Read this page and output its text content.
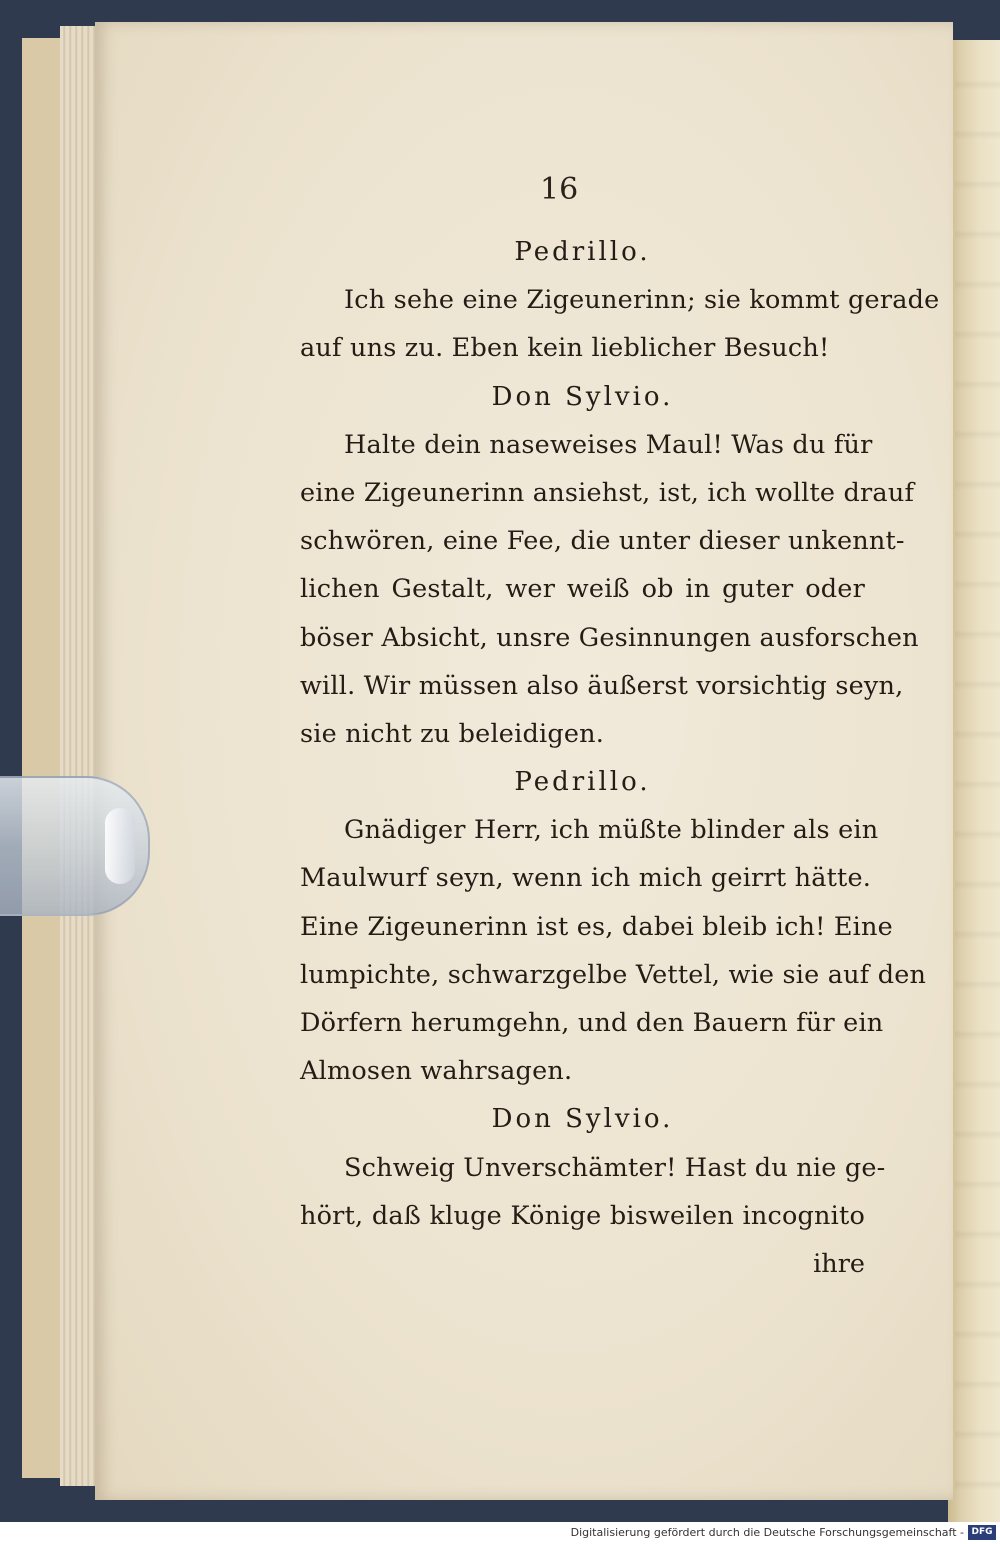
16
Pedrillo.
Ich sehe eine Zigeunerinn; sie kommt gerade
auf uns zu. Eben kein lieblicher Besuch!
Don Sylvio.
Halte dein naseweises Maul! Was du für
eine Zigeunerinn ansiehst, ist, ich wollte drauf
schwören, eine Fee, die unter dieser unkennt-
lichen Gestalt, wer weiß ob in guter oder
böser Absicht, unsre Gesinnungen ausforschen
will. Wir müssen also äußerst vorsichtig seyn,
sie nicht zu beleidigen.
Pedrillo.
Gnädiger Herr, ich müßte blinder als ein
Maulwurf seyn, wenn ich mich geirrt hätte.
Eine Zigeunerinn ist es, dabei bleib ich! Eine
lumpichte, schwarzgelbe Vettel, wie sie auf den
Dörfern herumgehn, und den Bauern für ein
Almosen wahrsagen.
Don Sylvio.
Schweig Unverschämter! Hast du nie ge-
hört, daß kluge Könige bisweilen incognito
ihre
Digitalisierung gefördert durch die Deutsche Forschungsgemeinschaft - DFG
